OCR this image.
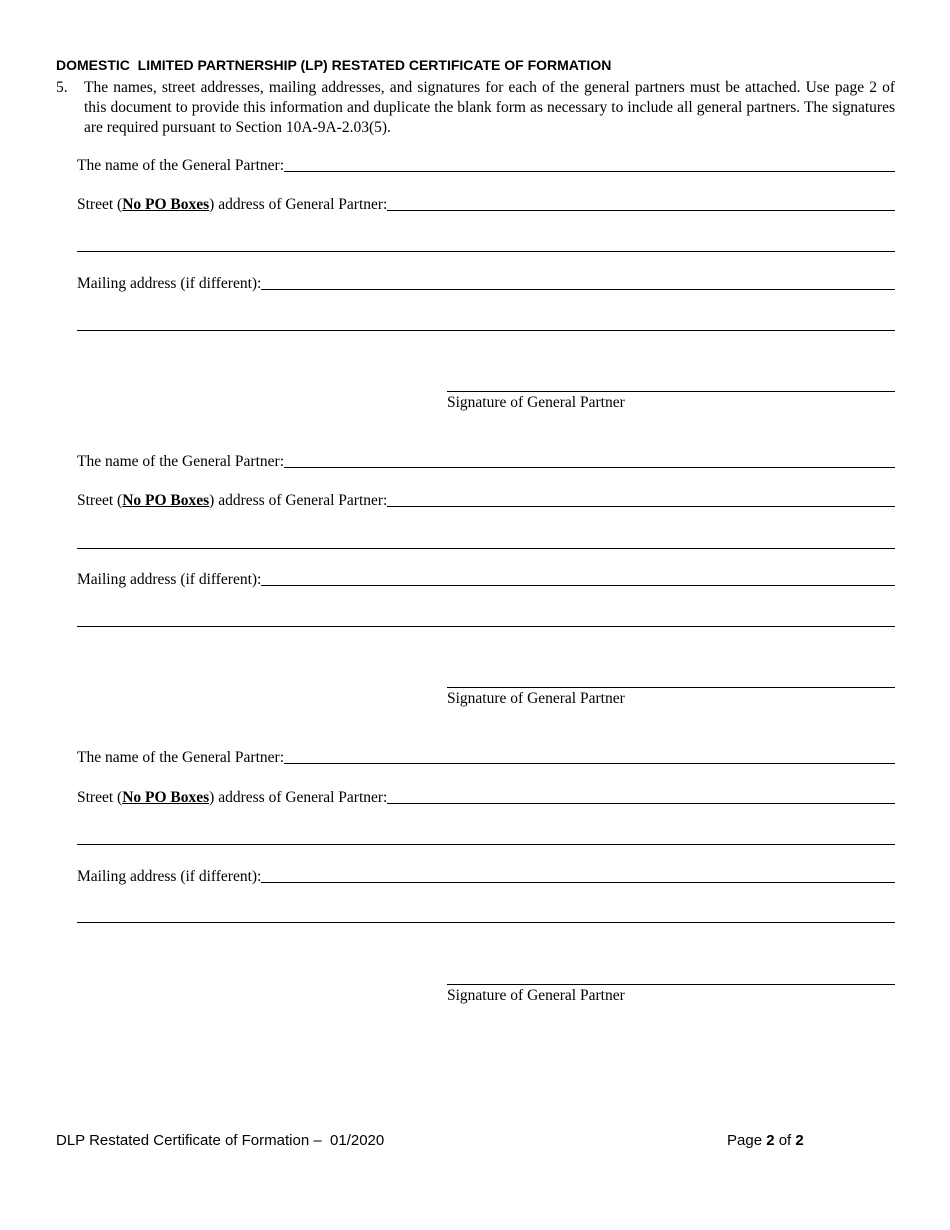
DOMESTIC  LIMITED PARTNERSHIP (LP) RESTATED CERTIFICATE OF FORMATION
5. The names, street addresses, mailing addresses, and signatures for each of the general partners must be attached. Use page 2 of this document to provide this information and duplicate the blank form as necessary to include all general partners. The signatures are required pursuant to Section 10A-9A-2.03(5).
The name of the General Partner:
Street (No PO Boxes) address of General Partner:
Mailing address (if different):
Signature of General Partner
The name of the General Partner:
Street (No PO Boxes) address of General Partner:
Mailing address (if different):
Signature of General Partner
The name of the General Partner:
Street (No PO Boxes) address of General Partner:
Mailing address (if different):
Signature of General Partner
DLP Restated Certificate of Formation –  01/2020	Page 2 of 2
